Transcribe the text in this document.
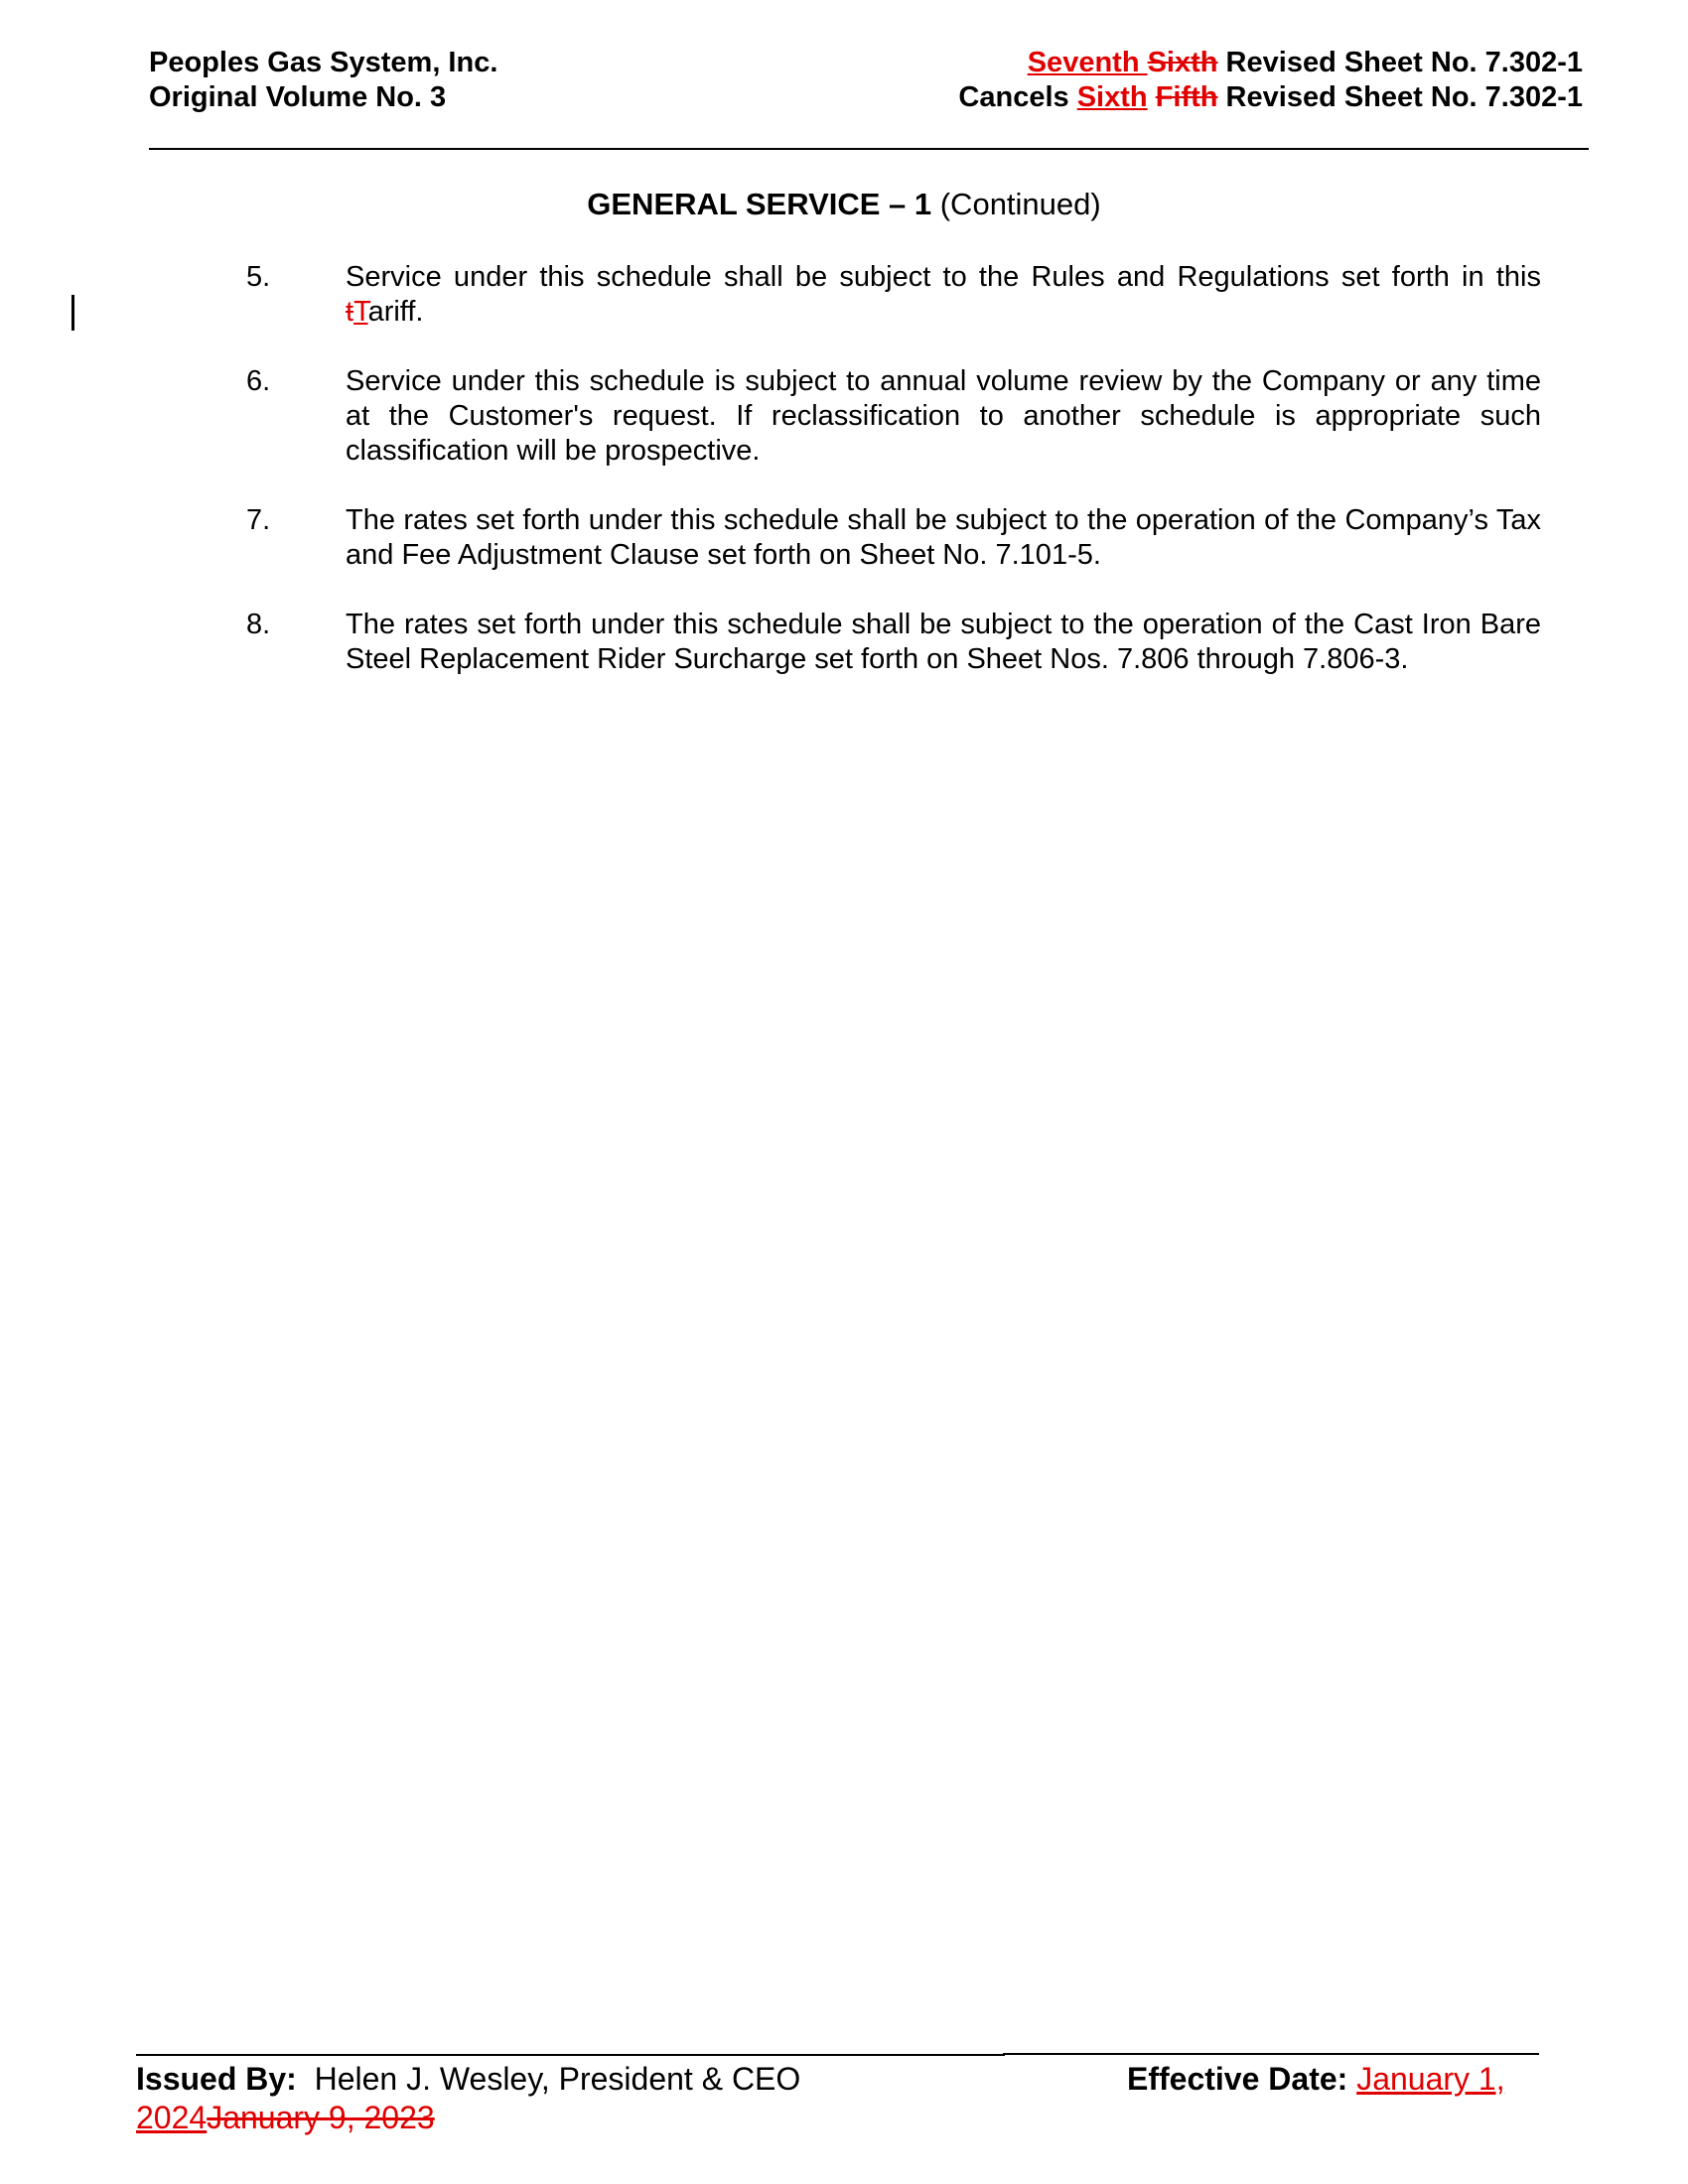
Peoples Gas System, Inc.
Original Volume No. 3
Seventh Sixth Revised Sheet No. 7.302-1
Cancels Sixth Fifth Revised Sheet No. 7.302-1
GENERAL SERVICE – 1 (Continued)
5.	Service under this schedule shall be subject to the Rules and Regulations set forth in this tTariff.
6.	Service under this schedule is subject to annual volume review by the Company or any time at the Customer's request. If reclassification to another schedule is appropriate such classification will be prospective.
7.	The rates set forth under this schedule shall be subject to the operation of the Company’s Tax and Fee Adjustment Clause set forth on Sheet No. 7.101-5.
8.	The rates set forth under this schedule shall be subject to the operation of the Cast Iron Bare Steel Replacement Rider Surcharge set forth on Sheet Nos. 7.806 through 7.806-3.
Issued By:  Helen J. Wesley, President & CEO	Effective Date: January 1,
2024January 9, 2023
